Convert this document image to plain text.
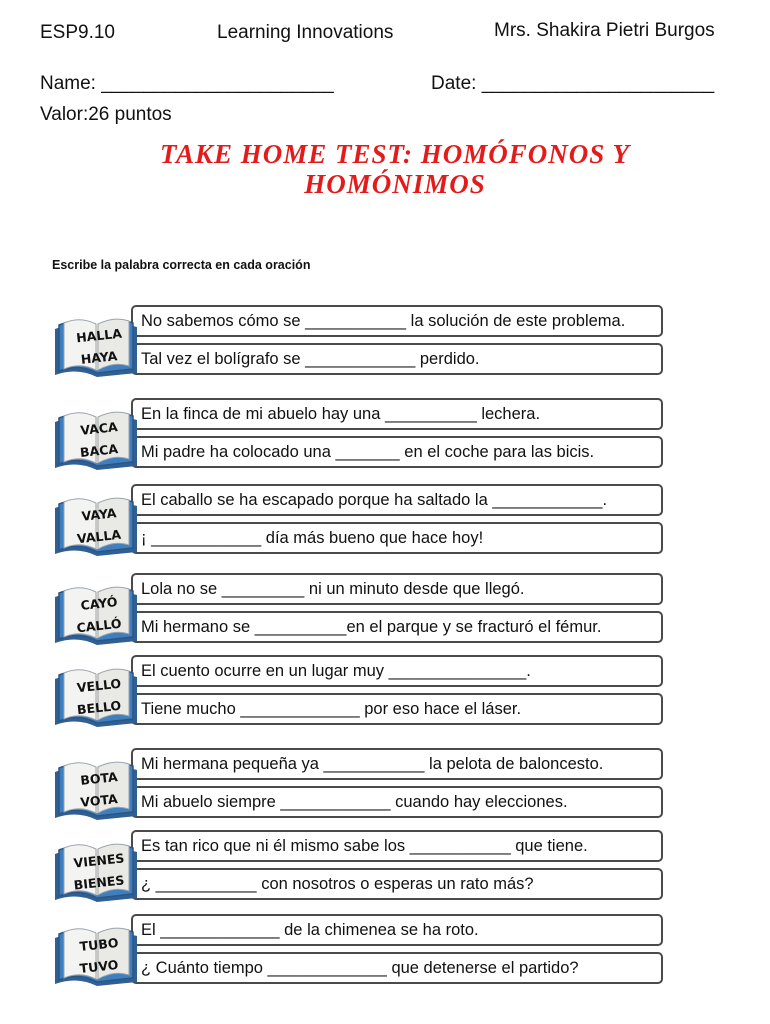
ESP9.10	Learning Innovations	Mrs. Shakira Pietri Burgos
Name: ______________________	Date: ______________________
Valor:26 puntos
TAKE HOME TEST: HOMÓFONOS Y
HOMÓNIMOS
Escribe la palabra correcta en cada oración
No sabemos cómo se ___________ la solución de este problema.
Tal vez el bolígrafo se ____________ perdido.
HALLA
HAYA
En la finca de mi abuelo hay una __________ lechera.
Mi padre ha colocado una _______ en el coche para las bicis.
VACA
BACA
El caballo se ha escapado porque ha saltado la ____________.
¡ ____________ día más bueno que hace hoy!
VAYA
VALLA
Lola no se _________ ni un minuto desde que llegó.
Mi hermano se __________en el parque y se fracturó el fémur.
CAYÓ
CALLÓ
El cuento ocurre en un lugar muy _______________.
Tiene mucho _____________ por eso hace el láser.
VELLO
BELLO
Mi hermana pequeña ya ___________ la pelota de baloncesto.
Mi abuelo siempre ____________ cuando hay elecciones.
BOTA
VOTA
Es tan rico que ni él mismo sabe los ___________ que tiene.
¿ ___________ con nosotros o esperas un rato más?
VIENES
BIENES
El _____________ de la chimenea se ha roto.
¿ Cuánto tiempo _____________ que detenerse el partido?
TUBO
TUVO
